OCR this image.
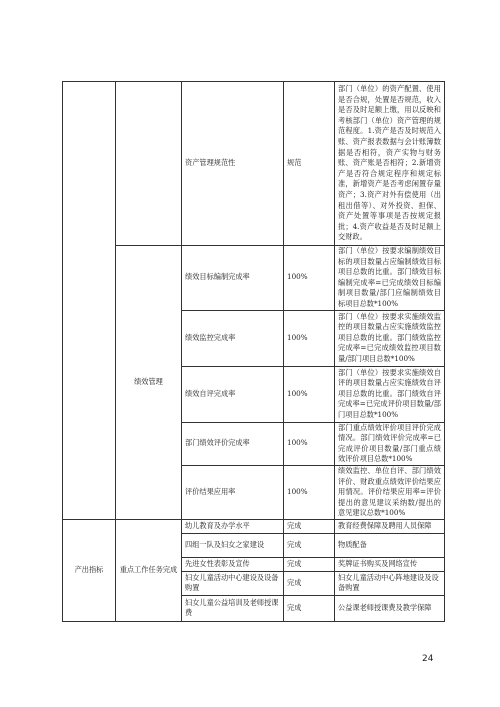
		资产管理规范性	规范	部门（单位）的资产配置、使用是否合规，处置是否规范，收入是否及时足额上缴，用以反映和考核部门（单位）资产管理的规范程度。1.资产是否及时规范入账、资产报表数据与会计账簿数据是否相符，资产实物与财务账、资产账是否相符；2.新增资产是否符合规定程序和规定标准，新增资产是否考虑闲置存量资产；3.资产对外有偿使用（出租出借等）、对外投资、担保、资产处置等事项是否按规定报批；4.资产收益是否及时足额上交财政。
	绩效管理	绩效目标编制完成率	100%	部门（单位）按要求编制绩效目标的项目数量占应编制绩效目标项目总数的比重。部门绩效目标编制完成率=已完成绩效目标编制项目数量/部门应编制绩效目标项目总数*100%
		绩效监控完成率	100%	部门（单位）按要求实施绩效监控的项目数量占应实施绩效监控项目总数的比重。部门绩效监控完成率=已完成绩效监控项目数量/部门项目总数*100%
		绩效自评完成率	100%	部门（单位）按要求实施绩效自评的项目数量占应实施绩效自评项目总数的比重。部门绩效自评完成率=已完成评价项目数量/部门项目总数*100%
		部门绩效评价完成率	100%	部门重点绩效评价项目评价完成情况。部门绩效评价完成率=已完成评价项目数量/部门重点绩效评价项目总数*100%
		评价结果应用率	100%	绩效监控、单位自评、部门绩效评价、财政重点绩效评价结果应用情况。评价结果应用率=评价提出的意见建议采纳数/提出的意见建议总数*100%

产出指标	重点工作任务完成	幼儿教育及办学水平	完成	教育经费保障及聘用人员保障
		四组一队及妇女之家建设	完成	物质配备
		先进女性表彰及宣传	完成	奖牌证书购买及网络宣传
		妇女儿童活动中心建设及设备购置	完成	妇女儿童活动中心阵地建设及设备购置
		妇女儿童公益培训及老师授课费	完成	公益课老师授课费及教学保障
24
